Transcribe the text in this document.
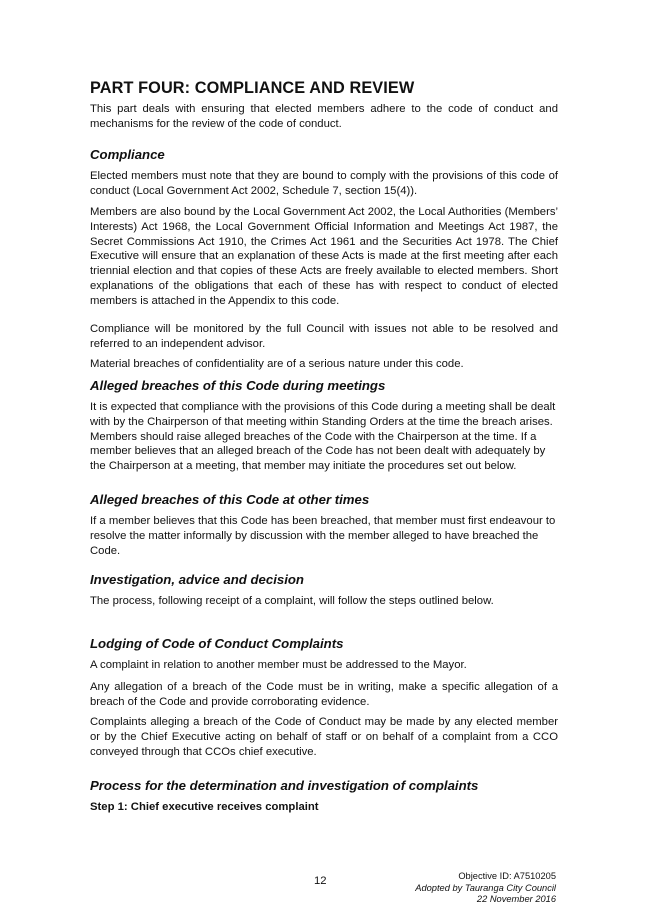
PART FOUR: COMPLIANCE AND REVIEW

This part deals with ensuring that elected members adhere to the code of conduct and mechanisms for the review of the code of conduct.

Compliance

Elected members must note that they are bound to comply with the provisions of this code of conduct (Local Government Act 2002, Schedule 7, section 15(4)).

Members are also bound by the Local Government Act 2002, the Local Authorities (Members’ Interests) Act 1968, the Local Government Official Information and Meetings Act 1987, the Secret Commissions Act 1910, the Crimes Act 1961 and the Securities Act 1978. The Chief Executive will ensure that an explanation of these Acts is made at the first meeting after each triennial election and that copies of these Acts are freely available to elected members. Short explanations of the obligations that each of these has with respect to conduct of elected members is attached in the Appendix to this code.

Compliance will be monitored by the full Council with issues not able to be resolved and referred to an independent advisor.

Material breaches of confidentiality are of a serious nature under this code.

Alleged breaches of this Code during meetings

It is expected that compliance with the provisions of this Code during a meeting shall be dealt with by the Chairperson of that meeting within Standing Orders at the time the breach arises. Members should raise alleged breaches of the Code with the Chairperson at the time. If a member believes that an alleged breach of the Code has not been dealt with adequately by the Chairperson at a meeting, that member may initiate the procedures set out below.

Alleged breaches of this Code at other times

If a member believes that this Code has been breached, that member must first endeavour to resolve the matter informally by discussion with the member alleged to have breached the Code.

Investigation, advice and decision

The process, following receipt of a complaint, will follow the steps outlined below.

Lodging of Code of Conduct Complaints

A complaint in relation to another member must be addressed to the Mayor.

Any allegation of a breach of the Code must be in writing, make a specific allegation of a breach of the Code and provide corroborating evidence.

Complaints alleging a breach of the Code of Conduct may be made by any elected member or by the Chief Executive acting on behalf of staff or on behalf of a complaint from a CCO conveyed through that CCOs chief executive.

Process for the determination and investigation of complaints
Step 1: Chief executive receives complaint
12	Objective ID: A7510205
Adopted by Tauranga City Council
22 November 2016
